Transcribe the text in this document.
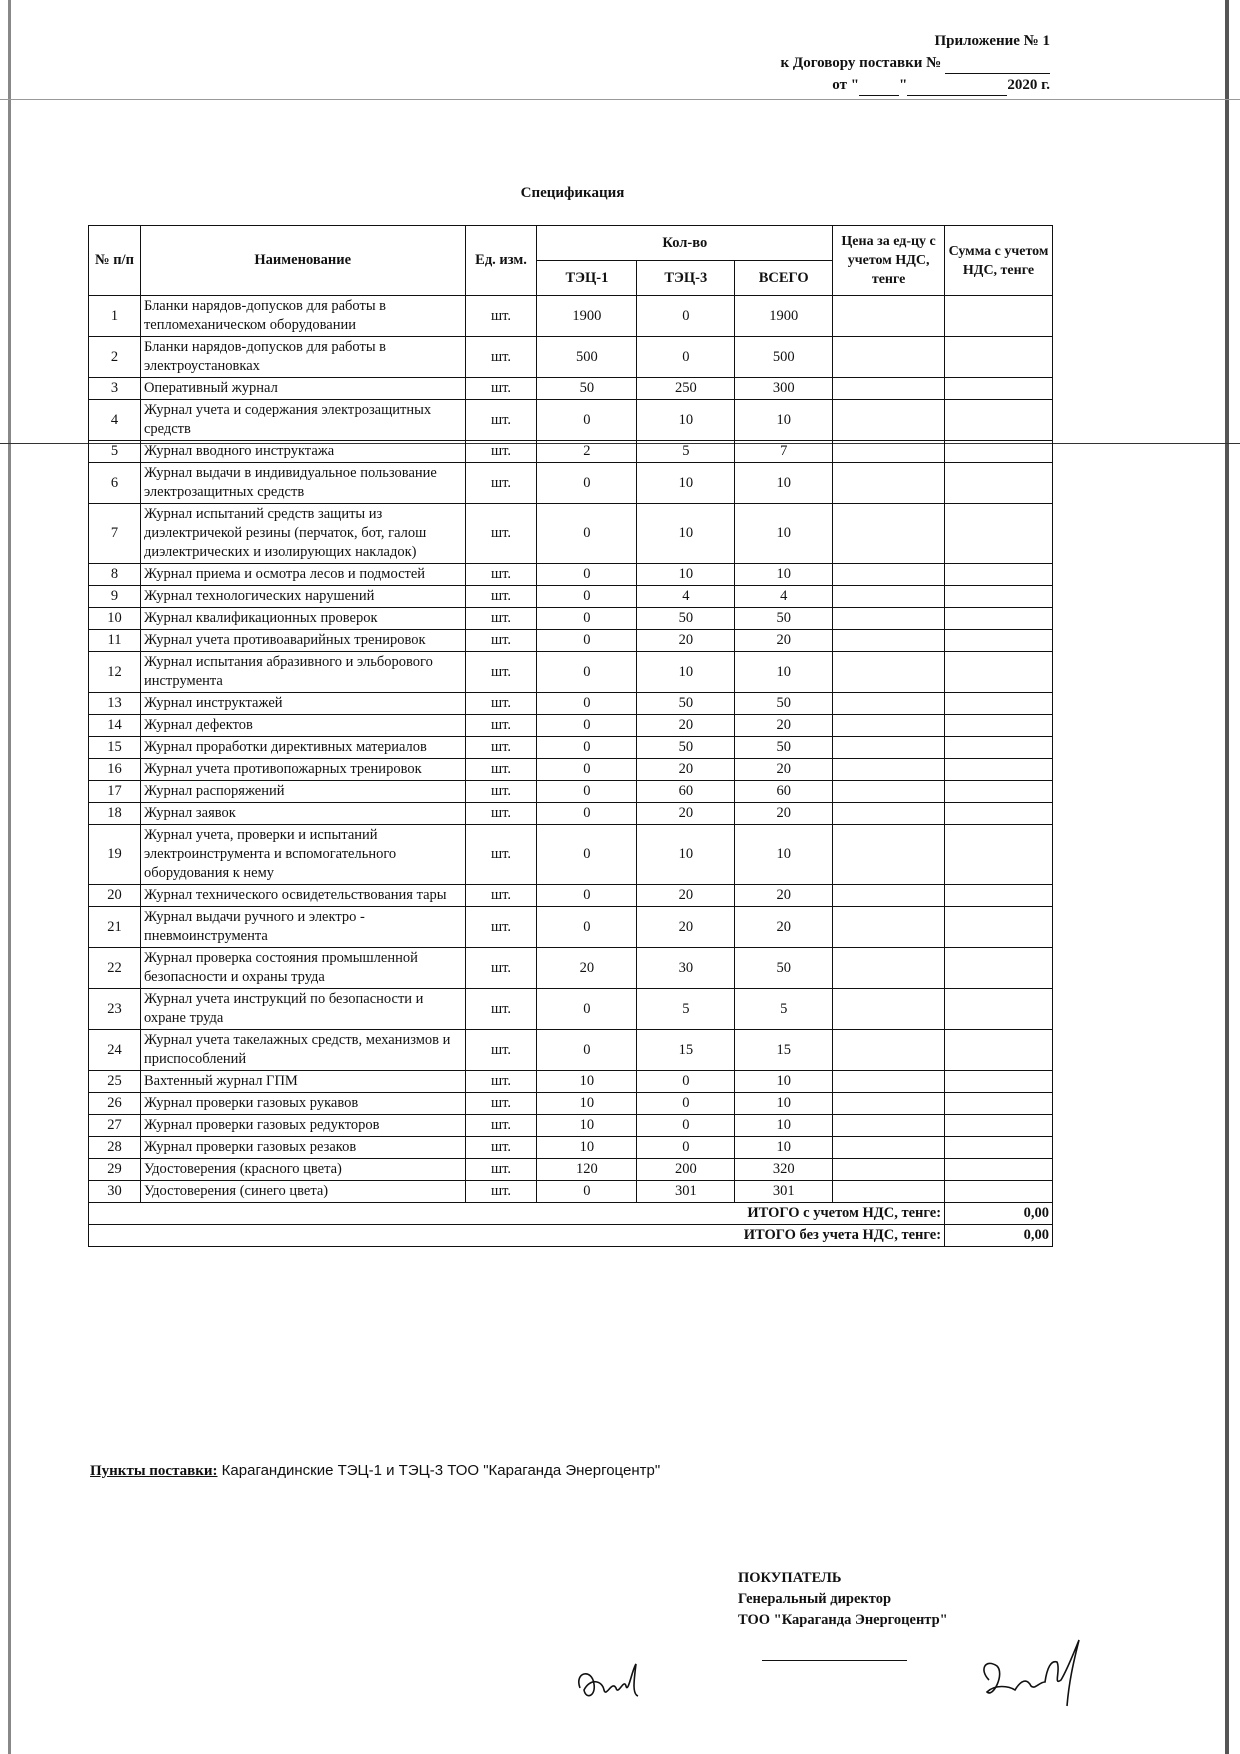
Приложение № 1
к Договору поставки №
от "	"	2020 г.
Спецификация
№ п/п	Наименование	Ед. изм.	Кол-во			Цена за ед-цу с учетом НДС, тенге	Сумма с учетом НДС, тенге
			ТЭЦ-1	ТЭЦ-3	ВСЕГО		
1	Бланки нарядов-допусков для работы в тепломеханическом оборудовании	шт.	1900	0	1900		
2	Бланки нарядов-допусков для работы в электроустановках	шт.	500	0	500		
3	Оперативный журнал	шт.	50	250	300		
4	Журнал учета и содержания электрозащитных средств	шт.	0	10	10		
5	Журнал вводного инструктажа	шт.	2	5	7		
6	Журнал выдачи в индивидуальное пользование электрозащитных средств	шт.	0	10	10		
7	Журнал испытаний средств защиты из диэлектричекой резины (перчаток, бот, галош диэлектрических и изолирующих накладок)	шт.	0	10	10		
8	Журнал приема и осмотра лесов и подмостей	шт.	0	10	10		
9	Журнал технологических нарушений	шт.	0	4	4		
10	Журнал квалификационных проверок	шт.	0	50	50		
11	Журнал учета противоаварийных тренировок	шт.	0	20	20		
12	Журнал испытания абразивного и эльборового инструмента	шт.	0	10	10		
13	Журнал инструктажей	шт.	0	50	50		
14	Журнал дефектов	шт.	0	20	20		
15	Журнал проработки директивных материалов	шт.	0	50	50		
16	Журнал учета противопожарных тренировок	шт.	0	20	20		
17	Журнал распоряжений	шт.	0	60	60		
18	Журнал заявок	шт.	0	20	20		
19	Журнал учета, проверки и испытаний электроинструмента и вспомогательного оборудования к нему	шт.	0	10	10		
20	Журнал технического освидетельствования тары	шт.	0	20	20		
21	Журнал выдачи ручного и электро - пневмоинструмента	шт.	0	20	20		
22	Журнал проверка состояния промышленной безопасности и охраны труда	шт.	20	30	50		
23	Журнал учета инструкций по безопасности и охране труда	шт.	0	5	5		
24	Журнал учета такелажных средств, механизмов и приспособлений	шт.	0	15	15		
25	Вахтенный журнал ГПМ	шт.	10	0	10		
26	Журнал проверки газовых рукавов	шт.	10	0	10		
27	Журнал проверки газовых редукторов	шт.	10	0	10		
28	Журнал проверки газовых резаков	шт.	10	0	10		
29	Удостоверения (красного цвета)	шт.	120	200	320		
30	Удостоверения (синего цвета)	шт.	0	301	301		
ИТОГО с учетом НДС, тенге:							0,00
ИТОГО без учета НДС, тенге:							0,00
Пункты поставки: Карагандинские ТЭЦ-1 и ТЭЦ-3 ТОО "Караганда Энергоцентр"
ПОКУПАТЕЛЬ
Генеральный директор
ТОО "Караганда Энергоцентр"
